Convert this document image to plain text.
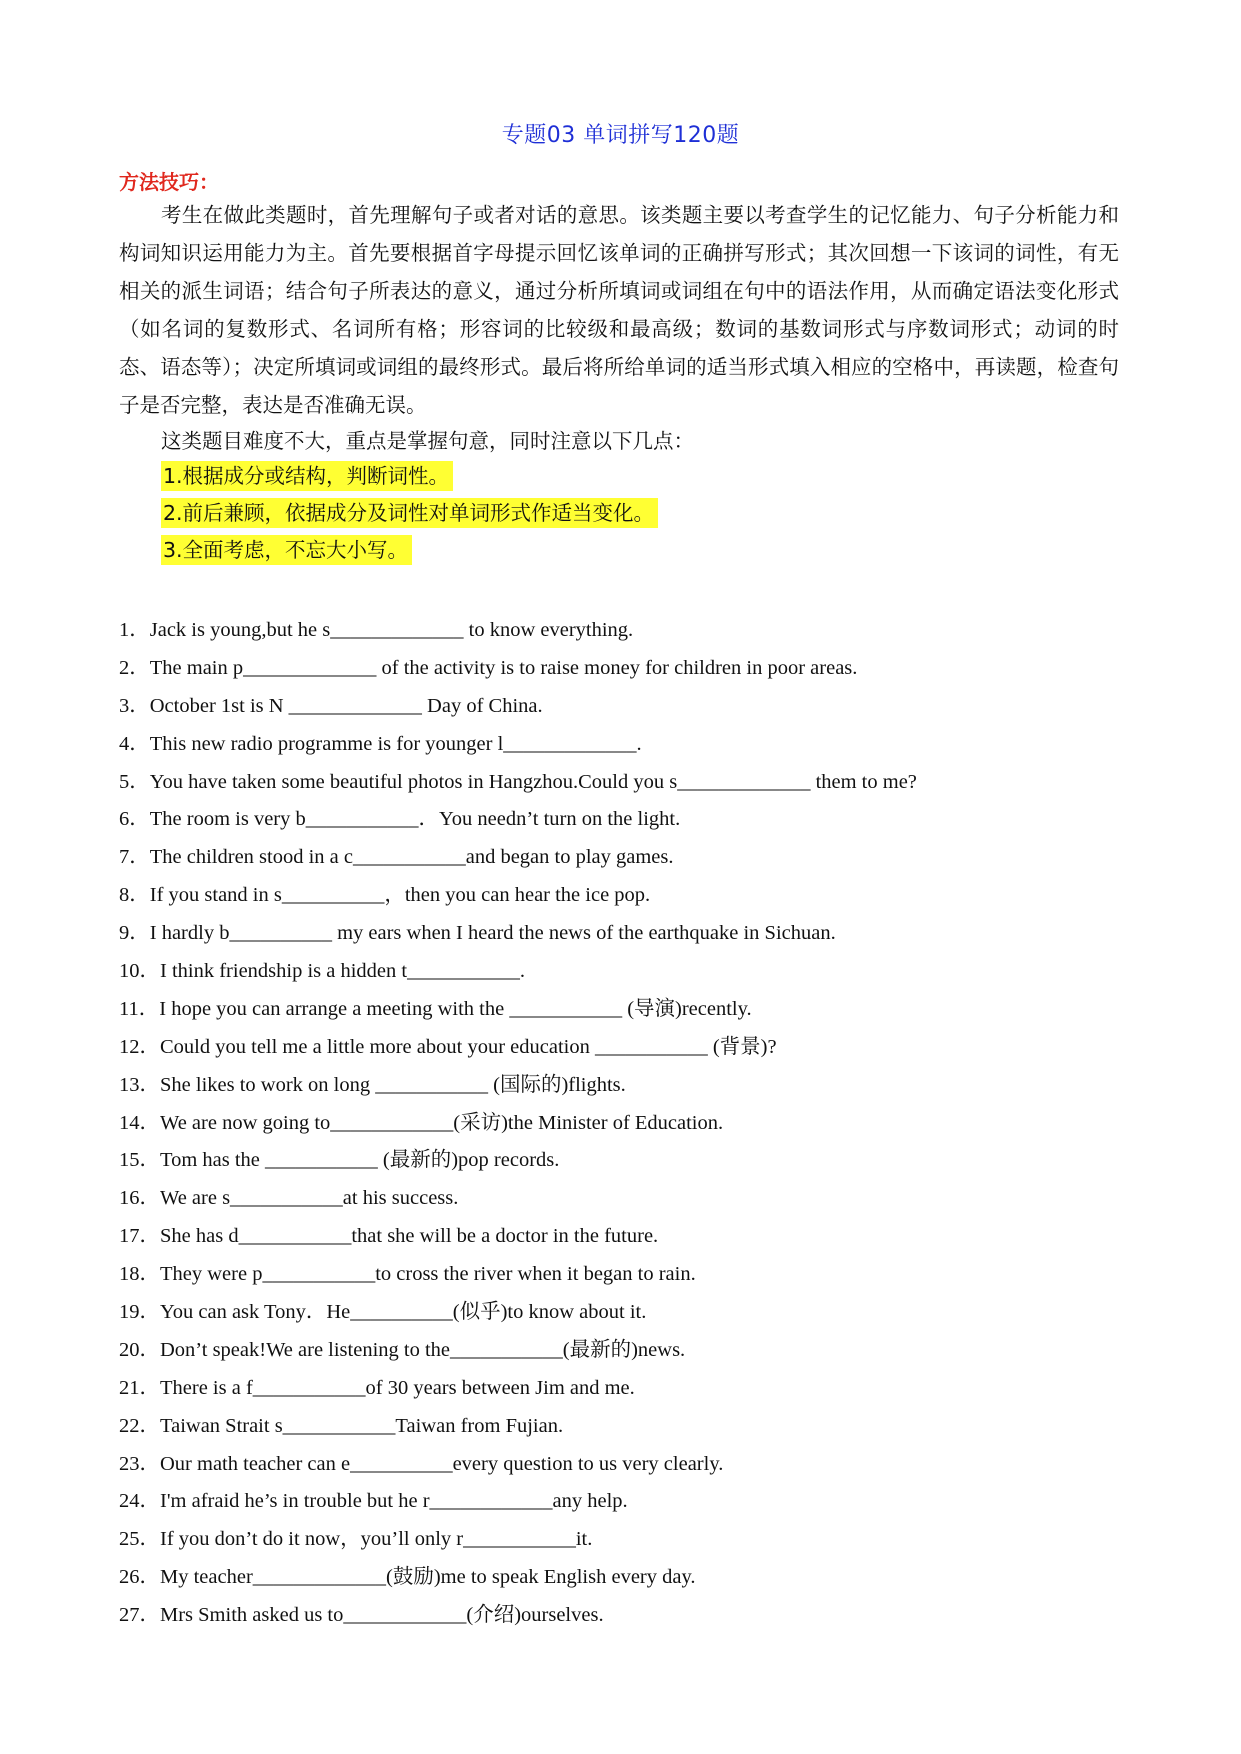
专题03 单词拼写120题
方法技巧：
考生在做此类题时，首先理解句子或者对话的意思。该类题主要以考查学生的记忆能力、句子分析能力和构词知识运用能力为主。首先要根据首字母提示回忆该单词的正确拼写形式；其次回想一下该词的词性，有无相关的派生词语；结合句子所表达的意义，通过分析所填词或词组在句中的语法作用，从而确定语法变化形式（如名词的复数形式、名词所有格；形容词的比较级和最高级；数词的基数词形式与序数词形式；动词的时态、语态等）；决定所填词或词组的最终形式。最后将所给单词的适当形式填入相应的空格中，再读题，检查句子是否完整，表达是否准确无误。
这类题目难度不大，重点是掌握句意，同时注意以下几点：
1.根据成分或结构，判断词性。
2.前后兼顾，依据成分及词性对单词形式作适当变化。
3.全面考虑，不忘大小写。
1．Jack is young,but he s_____________ to know everything.
2．The main p_____________ of the activity is to raise money for children in poor areas.
3．October 1st is N _____________ Day of China.
4．This new radio programme is for younger l_____________.
5．You have taken some beautiful photos in Hangzhou.Could you s_____________ them to me?
6．The room is very b___________．You needn’t turn on the light.
7．The children stood in a c___________and began to play games.
8．If you stand in s__________，then you can hear the ice pop.
9．I hardly b__________ my ears when I heard the news of the earthquake in Sichuan.
10．I think friendship is a hidden t___________.
11．I hope you can arrange a meeting with the ___________ (导演)recently.
12．Could you tell me a little more about your education ___________ (背景)?
13．She likes to work on long ___________ (国际的)flights.
14．We are now going to____________(采访)the Minister of Education.
15．Tom has the ___________ (最新的)pop records.
16．We are s___________at his success.
17．She has d___________that she will be a doctor in the future.
18．They were p___________to cross the river when it began to rain.
19．You can ask Tony．He__________(似乎)to know about it.
20．Don’t speak!We are listening to the___________(最新的)news.
21．There is a f___________of 30 years between Jim and me.
22．Taiwan Strait s___________Taiwan from Fujian.
23．Our math teacher can e__________every question to us very clearly.
24．I'm afraid he’s in trouble but he r____________any help.
25．If you don’t do it now，you’ll only r___________it.
26．My teacher_____________(鼓励)me to speak English every day.
27．Mrs Smith asked us to____________(介绍)ourselves.
